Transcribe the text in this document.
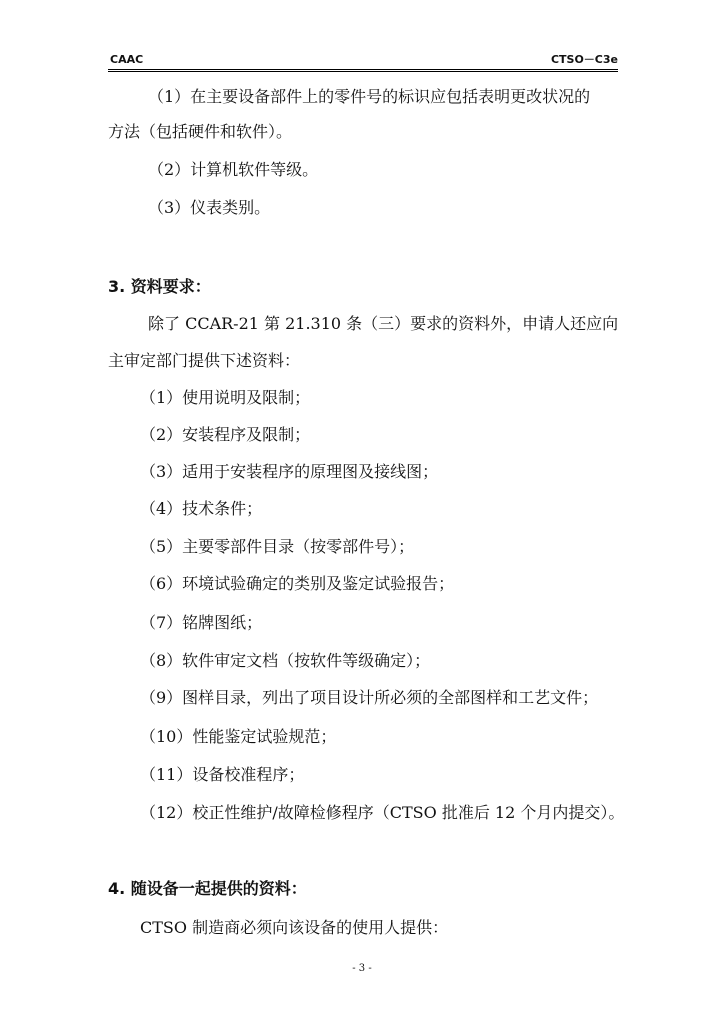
CAAC	CTSO－C3e
（1）在主要设备部件上的零件号的标识应包括表明更改状况的
方法（包括硬件和软件）。
（2）计算机软件等级。
（3）仪表类别。
3. 资料要求：
除了 CCAR-21 第 21.310 条（三）要求的资料外，申请人还应向
主审定部门提供下述资料：
（1）使用说明及限制；
（2）安装程序及限制；
（3）适用于安装程序的原理图及接线图；
（4）技术条件；
（5）主要零部件目录（按零部件号）；
（6）环境试验确定的类别及鉴定试验报告；
（7）铭牌图纸；
（8）软件审定文档（按软件等级确定）；
（9）图样目录，列出了项目设计所必须的全部图样和工艺文件；
（10）性能鉴定试验规范；
（11）设备校准程序；
（12）校正性维护/故障检修程序（CTSO 批准后 12 个月内提交）。
4. 随设备一起提供的资料：
CTSO 制造商必须向该设备的使用人提供：
- 3 -
